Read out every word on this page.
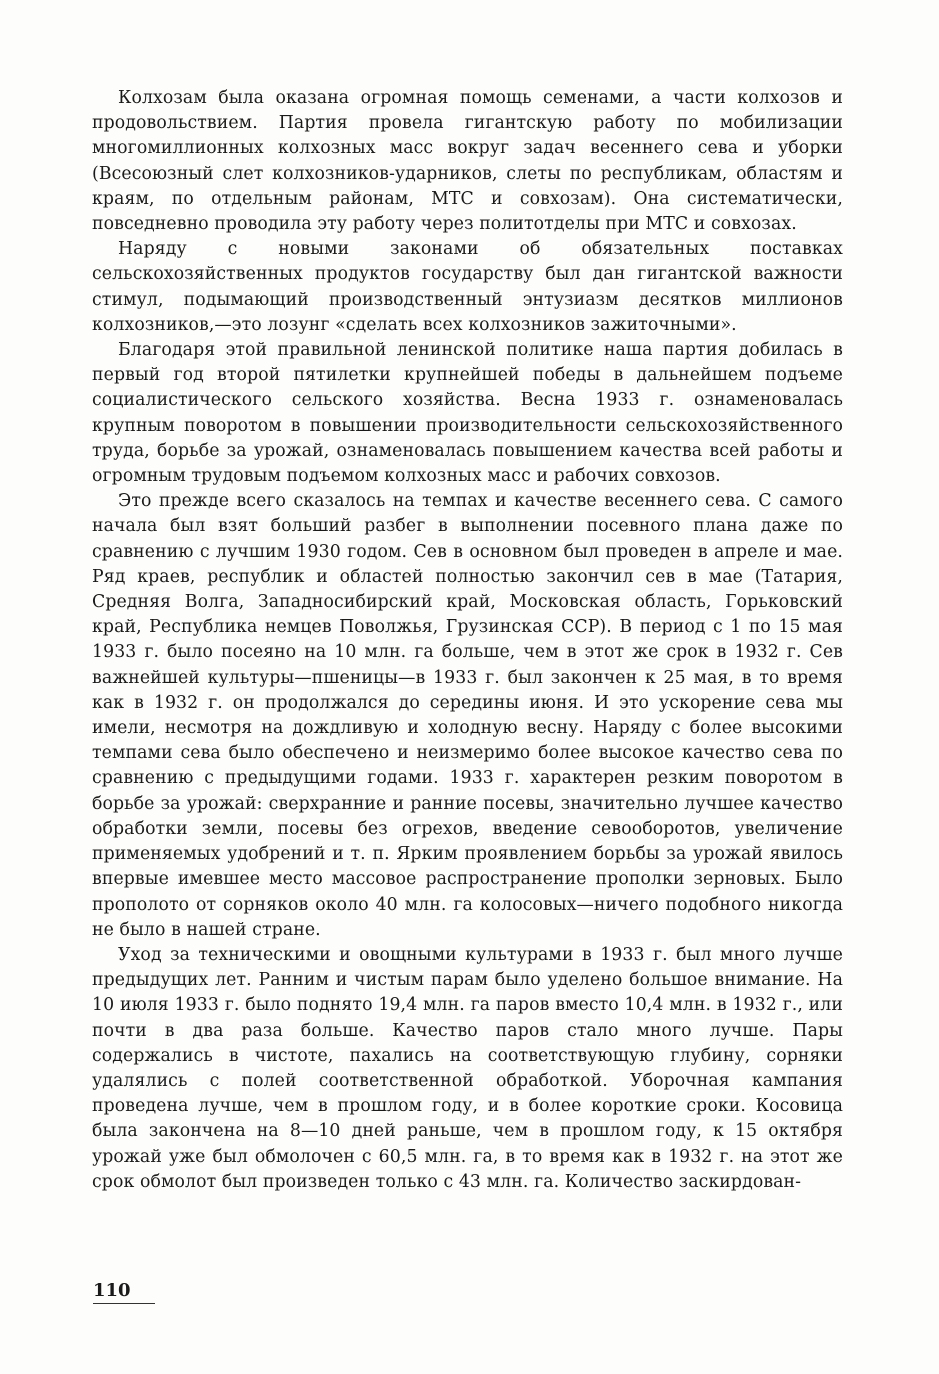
Колхозам была оказана огромная помощь семенами, а части колхозов и продовольствием. Партия провела гигантскую работу по мобилизации многомиллионных колхозных масс вокруг задач весеннего сева и уборки (Всесоюзный слет колхозников-ударников, слеты по республикам, областям и краям, по отдельным районам, МТС и совхозам). Она систематически, повседневно проводила эту работу через политотделы при МТС и совхозах.

Наряду с новыми законами об обязательных поставках сельскохозяйственных продуктов государству был дан гигантской важности стимул, подымающий производственный энтузиазм десятков миллионов колхозников,—это лозунг «сделать всех колхозников зажиточными».

Благодаря этой правильной ленинской политике наша партия добилась в первый год второй пятилетки крупнейшей победы в дальнейшем подъеме социалистического сельского хозяйства. Весна 1933 г. ознаменовалась крупным поворотом в повышении производительности сельскохозяйственного труда, борьбе за урожай, ознаменовалась повышением качества всей работы и огромным трудовым подъемом колхозных масс и рабочих совхозов.

Это прежде всего сказалось на темпах и качестве весеннего сева. С самого начала был взят больший разбег в выполнении посевного плана даже по сравнению с лучшим 1930 годом. Сев в основном был проведен в апреле и мае. Ряд краев, республик и областей полностью закончил сев в мае (Татария, Средняя Волга, Западносибирский край, Московская область, Горьковский край, Республика немцев Поволжья, Грузинская ССР). В период с 1 по 15 мая 1933 г. было посеяно на 10 млн. га больше, чем в этот же срок в 1932 г. Сев важнейшей культуры—пшеницы—в 1933 г. был закончен к 25 мая, в то время как в 1932 г. он продолжался до середины июня. И это ускорение сева мы имели, несмотря на дождливую и холодную весну. Наряду с более высокими темпами сева было обеспечено и неизмеримо более высокое качество сева по сравнению с предыдущими годами. 1933 г. характерен резким поворотом в борьбе за урожай: сверхранние и ранние посевы, значительно лучшее качество обработки земли, посевы без огрехов, введение севооборотов, увеличение применяемых удобрений и т. п. Ярким проявлением борьбы за урожай явилось впервые имевшее место массовое распространение прополки зерновых. Было прополото от сорняков около 40 млн. га колосовых—ничего подобного никогда не было в нашей стране.

Уход за техническими и овощными культурами в 1933 г. был много лучше предыдущих лет. Ранним и чистым парам было уделено большое внимание. На 10 июля 1933 г. было поднято 19,4 млн. га паров вместо 10,4 млн. в 1932 г., или почти в два раза больше. Качество паров стало много лучше. Пары содержались в чистоте, пахались на соответствующую глубину, сорняки удалялись с полей соответственной обработкой. Уборочная кампания проведена лучше, чем в прошлом году, и в более короткие сроки. Косовица была закончена на 8—10 дней раньше, чем в прошлом году, к 15 октября урожай уже был обмолочен с 60,5 млн. га, в то время как в 1932 г. на этот же срок обмолот был произведен только с 43 млн. га. Количество заскирдован-

110
